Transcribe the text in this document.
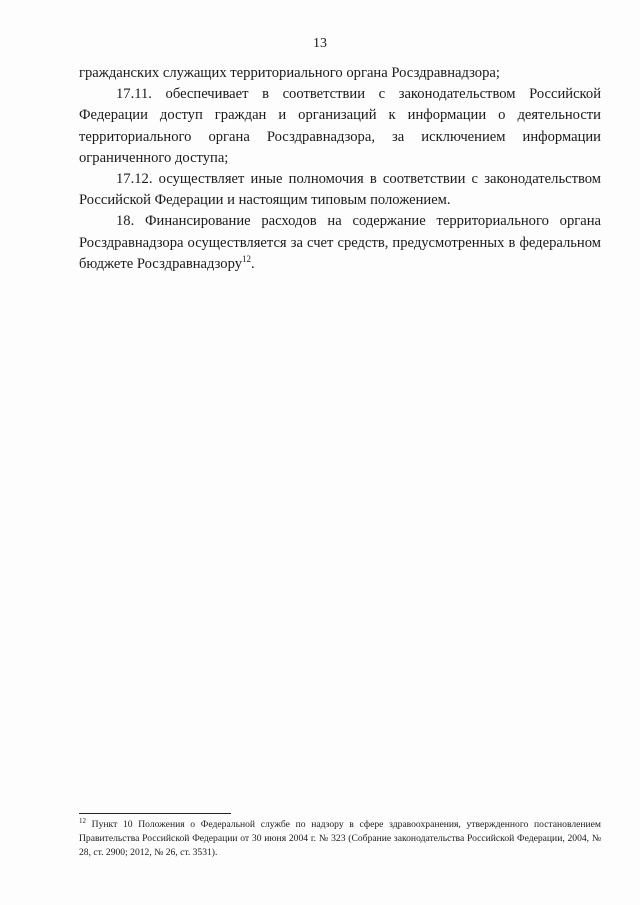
13

гражданских служащих территориального органа Росздравнадзора;

17.11. обеспечивает в соответствии с законодательством Российской Федерации доступ граждан и организаций к информации о деятельности территориального органа Росздравнадзора, за исключением информации ограниченного доступа;

17.12. осуществляет иные полномочия в соответствии с законодательством Российской Федерации и настоящим типовым положением.

18. Финансирование расходов на содержание территориального органа Росздравнадзора осуществляется за счет средств, предусмотренных в федеральном бюджете Росздравнадзору$^{12}$.

$^{12}$ Пункт 10 Положения о Федеральной службе по надзору в сфере здравоохранения, утвержденного постановлением Правительства Российской Федерации от 30 июня 2004 г. № 323 (Собрание законодательства Российской Федерации, 2004, № 28, ст. 2900; 2012, № 26, ст. 3531).
